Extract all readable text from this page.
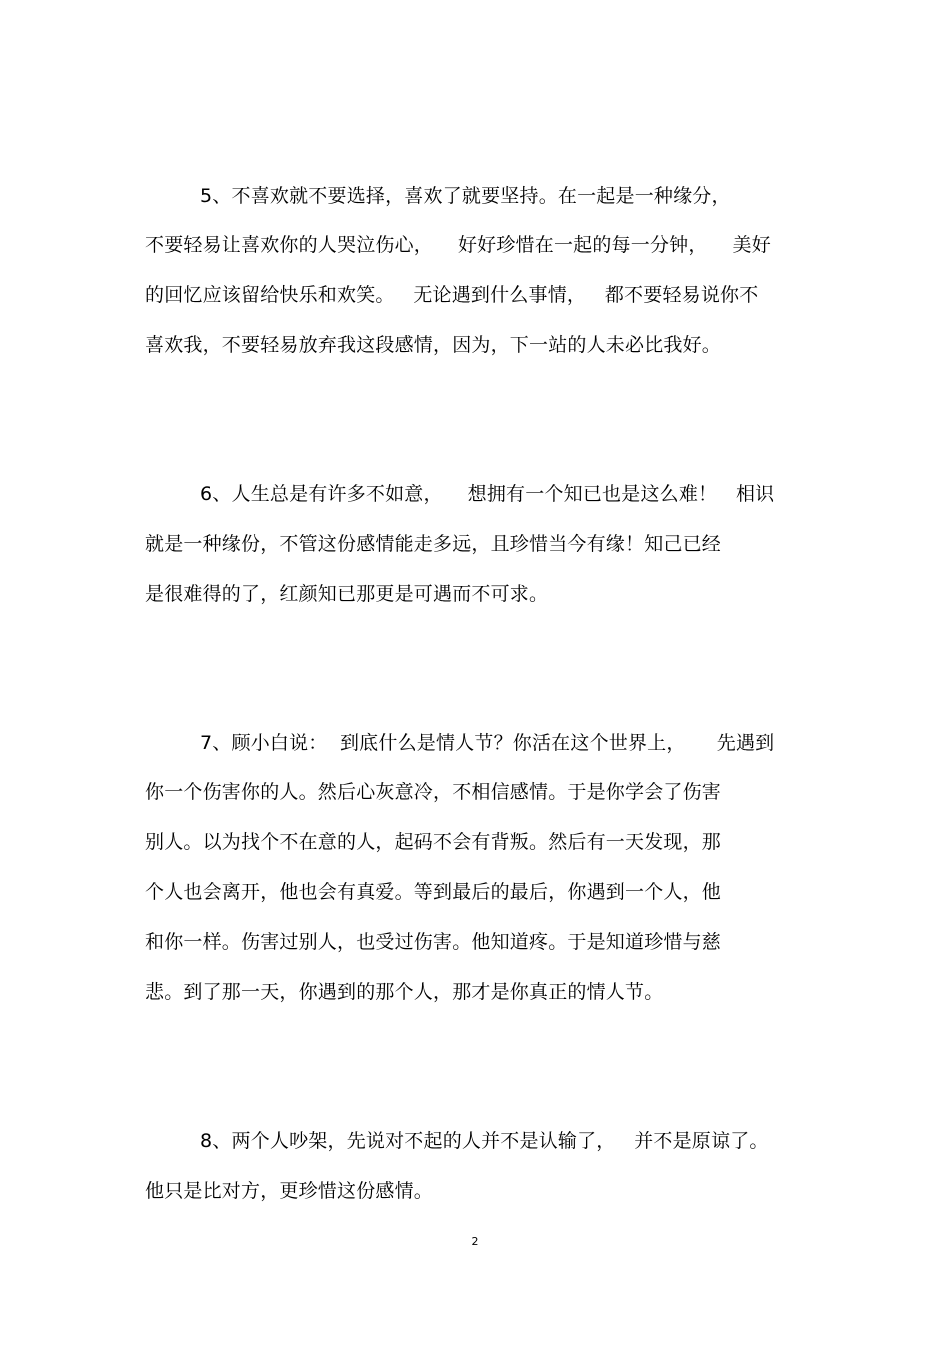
5、不喜欢就不要选择，喜欢了就要坚持。在一起是一种缘分，
不要轻易让喜欢你的人哭泣伤心，    好好珍惜在一起的每一分钟，    美好
的回忆应该留给快乐和欢笑。   无论遇到什么事情，   都不要轻易说你不
喜欢我，不要轻易放弃我这段感情，因为，下一站的人未必比我好。
6、人生总是有许多不如意，    想拥有一个知已也是这么难！   相识
就是一种缘份，不管这份感情能走多远，且珍惜当今有缘！知己已经
是很难得的了，红颜知已那更是可遇而不可求。
7、顾小白说：  到底什么是情人节？你活在这个世界上，     先遇到
你一个伤害你的人。然后心灰意冷，不相信感情。于是你学会了伤害
别人。以为找个不在意的人，起码不会有背叛。然后有一天发现，那
个人也会离开，他也会有真爱。等到最后的最后，你遇到一个人，他
和你一样。伤害过别人，也受过伤害。他知道疼。于是知道珍惜与慈
悲。到了那一天，你遇到的那个人，那才是你真正的情人节。
8、两个人吵架，先说对不起的人并不是认输了，   并不是原谅了。
他只是比对方，更珍惜这份感情。
2
